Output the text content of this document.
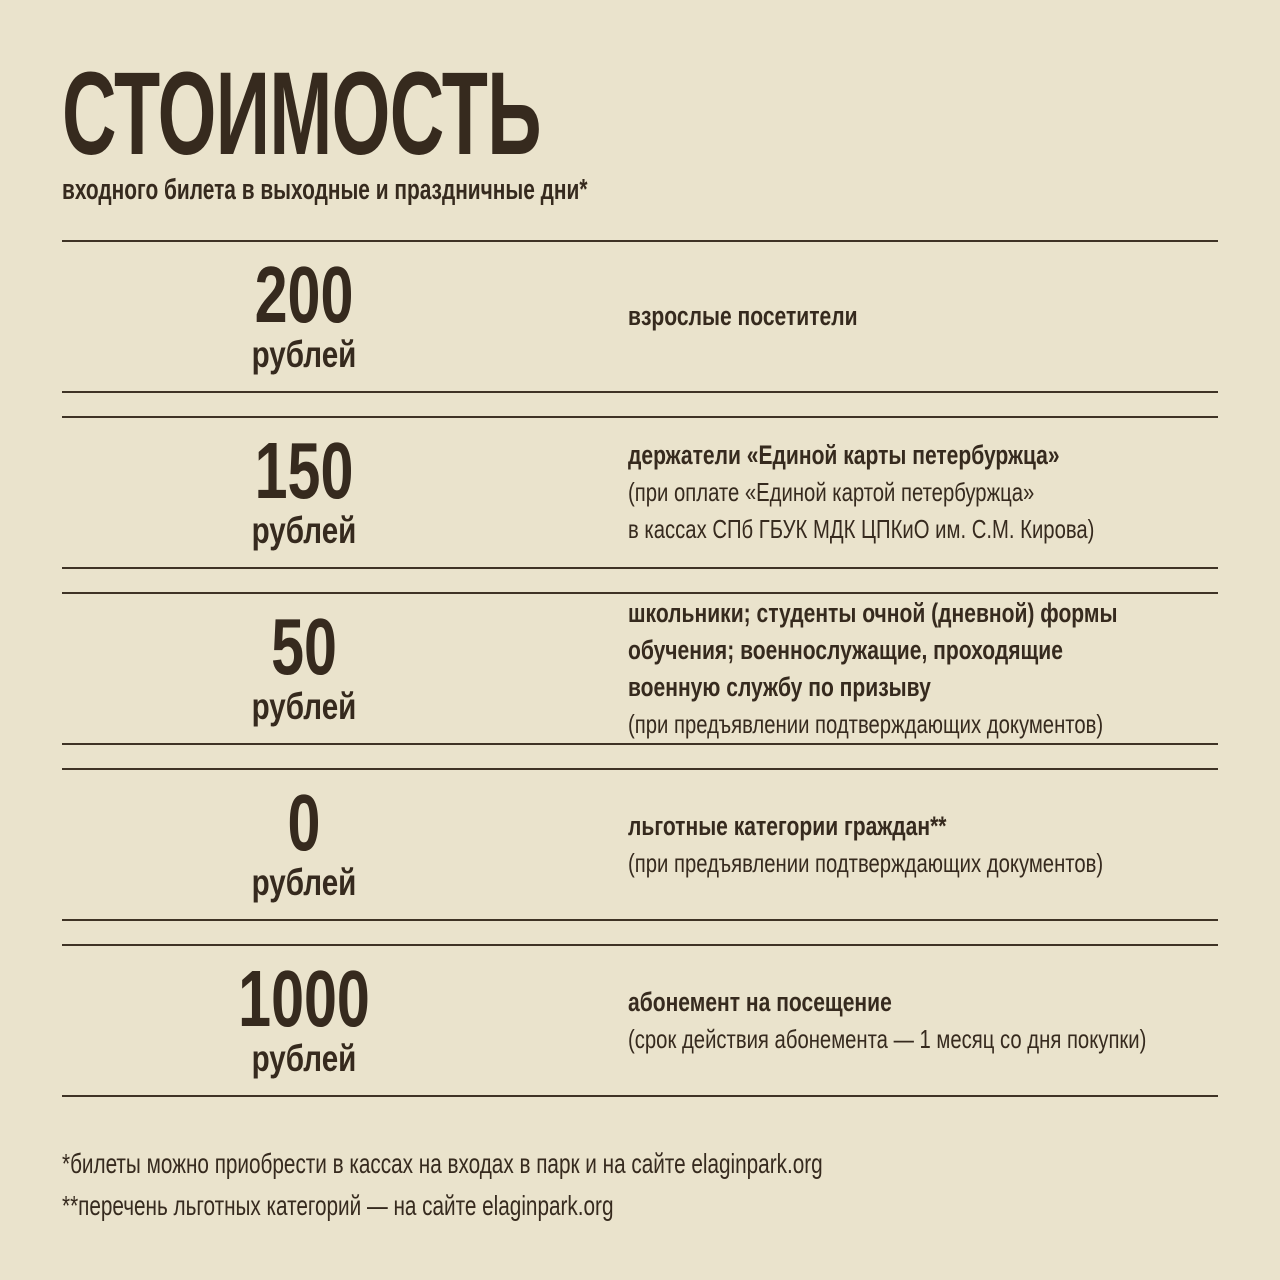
СТОИМОСТЬ
входного билета в выходные и праздничные дни*
200
рублей
взрослые посетители
150
рублей
держатели «Единой карты петербуржца»
(при оплате «Единой картой петербуржца»
в кассах СПб ГБУК МДК ЦПКиО им. С.М. Кирова)
50
рублей
школьники; студенты очной (дневной) формы
обучения; военнослужащие, проходящие
военную службу по призыву
(при предъявлении подтверждающих документов)
0
рублей
льготные категории граждан**
(при предъявлении подтверждающих документов)
1000
рублей
абонемент на посещение
(срок действия абонемента — 1 месяц со дня покупки)
*билеты можно приобрести в кассах на входах в парк и на сайте elaginpark.org
**перечень льготных категорий — на сайте elaginpark.org
